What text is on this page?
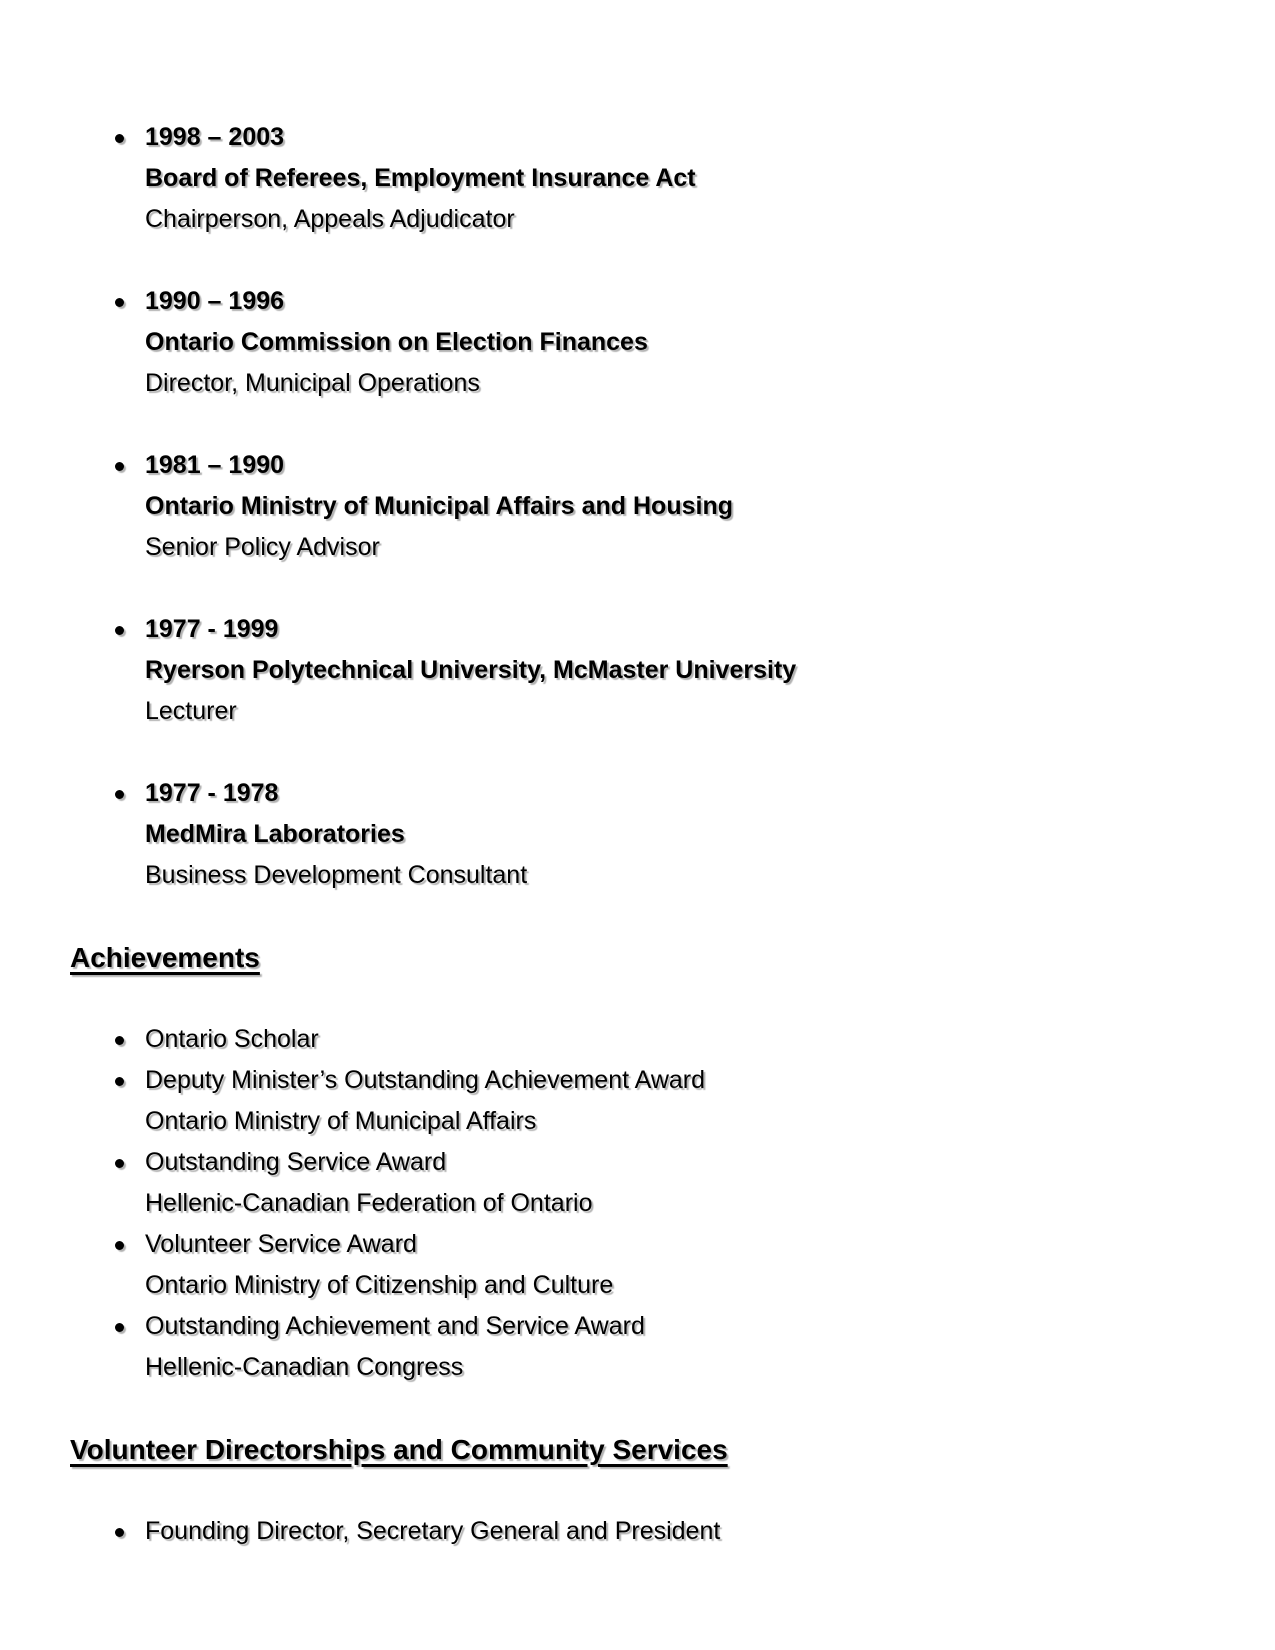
1998 – 2003
Board of Referees, Employment Insurance Act
Chairperson, Appeals Adjudicator
1990 – 1996
Ontario Commission on Election Finances
Director, Municipal Operations
1981 – 1990
Ontario Ministry of Municipal Affairs and Housing
Senior Policy Advisor
1977 - 1999
Ryerson Polytechnical University, McMaster University
Lecturer
1977 - 1978
MedMira Laboratories
Business Development Consultant
Achievements
Ontario Scholar
Deputy Minister’s Outstanding Achievement Award
Ontario Ministry of Municipal Affairs
Outstanding Service Award
Hellenic-Canadian Federation of Ontario
Volunteer Service Award
Ontario Ministry of Citizenship and Culture
Outstanding Achievement and Service Award
Hellenic-Canadian Congress
Volunteer Directorships and Community Services
Founding Director, Secretary General and President
